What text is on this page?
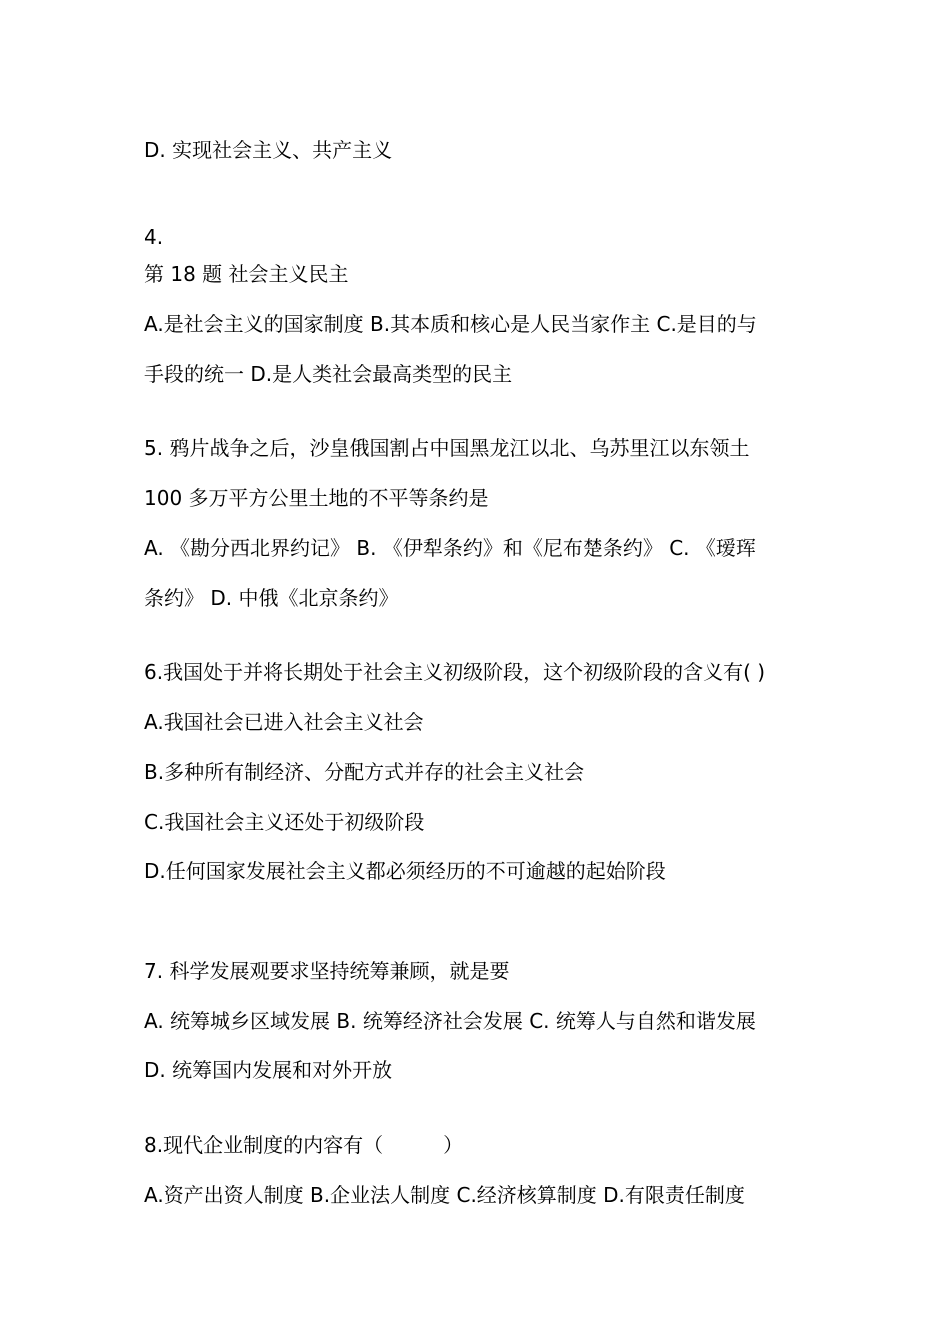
D. 实现社会主义、共产主义
4.
第 18 题 社会主义民主
A.是社会主义的国家制度 B.其本质和核心是人民当家作主 C.是目的与
手段的统一 D.是人类社会最高类型的民主
5. 鸦片战争之后，沙皇俄国割占中国黑龙江以北、乌苏里江以东领土
100 多万平方公里土地的不平等条约是
A. 《勘分西北界约记》 B. 《伊犁条约》和《尼布楚条约》 C. 《瑷珲
条约》 D. 中俄《北京条约》
6.我国处于并将长期处于社会主义初级阶段，这个初级阶段的含义有( )
A.我国社会已进入社会主义社会
B.多种所有制经济、分配方式并存的社会主义社会
C.我国社会主义还处于初级阶段
D.任何国家发展社会主义都必须经历的不可逾越的起始阶段
7. 科学发展观要求坚持统筹兼顾，就是要
A. 统筹城乡区域发展 B. 统筹经济社会发展 C. 统筹人与自然和谐发展
D. 统筹国内发展和对外开放
8.现代企业制度的内容有（　　　）
A.资产出资人制度 B.企业法人制度 C.经济核算制度 D.有限责任制度
